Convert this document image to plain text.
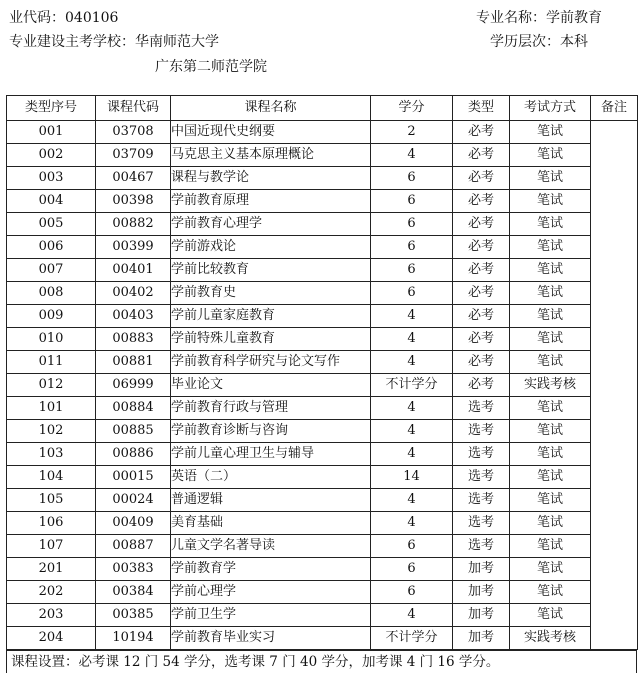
业代码：040106	专业名称：学前教育
专业建设主考学校：华南师范大学	学历层次：本科
广东第二师范学院
类型序号	课程代码	课程名称	学分	类型	考试方式	备注
001	03708	中国近现代史纲要	2	必考	笔试	
002	03709	马克思主义基本原理概论	4	必考	笔试	
003	00467	课程与教学论	6	必考	笔试	
004	00398	学前教育原理	6	必考	笔试	
005	00882	学前教育心理学	6	必考	笔试	
006	00399	学前游戏论	6	必考	笔试	
007	00401	学前比较教育	6	必考	笔试	
008	00402	学前教育史	6	必考	笔试	
009	00403	学前儿童家庭教育	4	必考	笔试	
010	00883	学前特殊儿童教育	4	必考	笔试	
011	00881	学前教育科学研究与论文写作	4	必考	笔试	
012	06999	毕业论文	不计学分	必考	实践考核	
101	00884	学前教育行政与管理	4	选考	笔试	
102	00885	学前教育诊断与咨询	4	选考	笔试	
103	00886	学前儿童心理卫生与辅导	4	选考	笔试	
104	00015	英语（二）	14	选考	笔试	
105	00024	普通逻辑	4	选考	笔试	
106	00409	美育基础	4	选考	笔试	
107	00887	儿童文学名著导读	6	选考	笔试	
201	00383	学前教育学	6	加考	笔试	
202	00384	学前心理学	6	加考	笔试	
203	00385	学前卫生学	4	加考	笔试	
204	10194	学前教育毕业实习	不计学分	加考	实践考核	
课程设置：必考课 12 门 54 学分，选考课 7 门 40 学分，加考课 4 门 16 学分。
